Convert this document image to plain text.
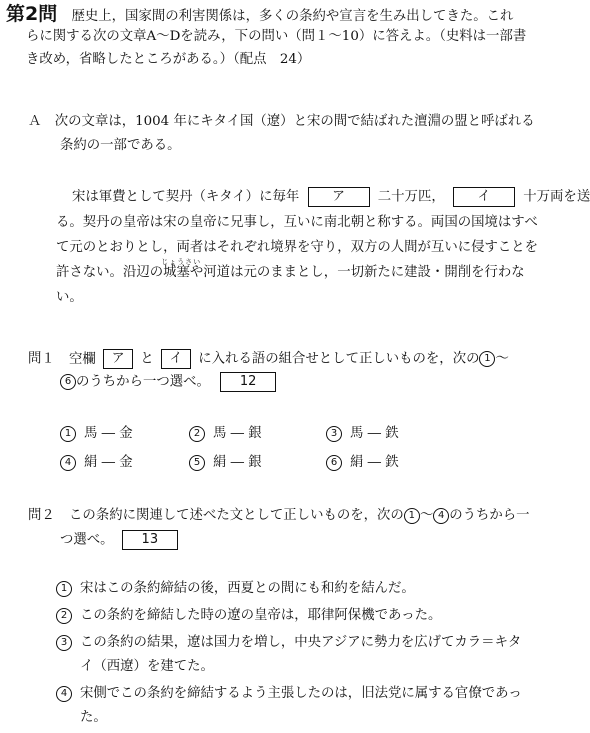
第2問 歴史上，国家間の利害関係は，多くの条約や宣言を生み出してきた。これ
らに関する次の文章A～Dを読み，下の問い（問１～10）に答えよ。（史料は一部書
き改め，省略したところがある。）（配点　24）
Ａ　次の文章は，1004 年にキタイ国（遼）と宋の間で結ばれた澶淵の盟と呼ばれる
条約の一部である。
宋は軍費として契丹（キタイ）に毎年	ア 二十万匹，	イ 十万両を送
る。契丹の皇帝は宋の皇帝に兄事し，互いに南北朝と称する。両国の国境はすべ
て元のとおりとし，両者はそれぞれ境界を守り，双方の人間が互いに侵すことを
許さない。沿辺の
じょうさい
城塞や河道は元のままとし，一切新たに建設・開削を行わな
い。
問１ 空欄 ア と イ に入れる語の組合せとして正しいものを，次の 1 ～
6 のうちから一つ選べ。 12
1 馬 ― 金	2 馬 ― 銀	3 馬 ― 鉄
4 絹 ― 金	5 絹 ― 銀	6 絹 ― 鉄
問２ この条約に関連して述べた文として正しいものを，次の 1 ～ 4 のうちから一
つ選べ。 13
1 宋はこの条約締結の後，西夏との間にも和約を結んだ。
2 この条約を締結した時の遼の皇帝は，耶律阿保機であった。
3 この条約の結果，遼は国力を増し，中央アジアに勢力を広げてカラ＝キタ
イ（西遼）を建てた。
4 宋側でこの条約を締結するよう主張したのは，旧法党に属する官僚であっ
た。
